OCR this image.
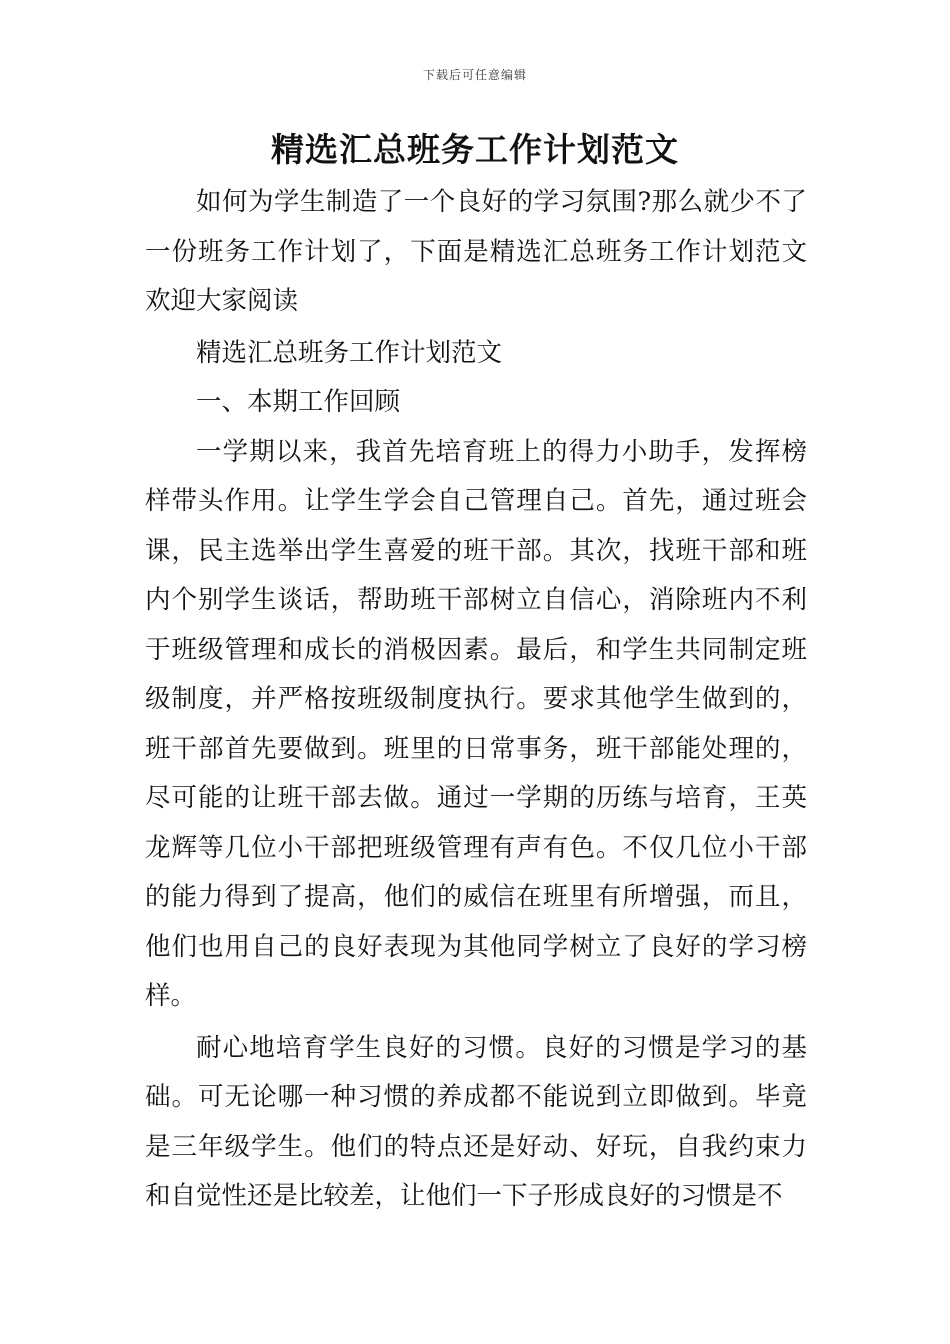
下载后可任意编辑
精选汇总班务工作计划范文

如何为学生制造了一个良好的学习氛围?那么就少不了一份班务工作计划了，下面是精选汇总班务工作计划范文欢迎大家阅读

精选汇总班务工作计划范文

一、本期工作回顾

一学期以来，我首先培育班上的得力小助手，发挥榜样带头作用。让学生学会自己管理自己。首先，通过班会课，民主选举出学生喜爱的班干部。其次，找班干部和班内个别学生谈话，帮助班干部树立自信心，消除班内不利于班级管理和成长的消极因素。最后，和学生共同制定班级制度，并严格按班级制度执行。要求其他学生做到的，班干部首先要做到。班里的日常事务，班干部能处理的，尽可能的让班干部去做。通过一学期的历练与培育，王英龙辉等几位小干部把班级管理有声有色。不仅几位小干部的能力得到了提高，他们的威信在班里有所增强，而且，他们也用自己的良好表现为其他同学树立了良好的学习榜样。

耐心地培育学生良好的习惯。良好的习惯是学习的基础。可无论哪一种习惯的养成都不能说到立即做到。毕竟是三年级学生。他们的特点还是好动、好玩，自我约束力和自觉性还是比较差，让他们一下子形成良好的习惯是不
